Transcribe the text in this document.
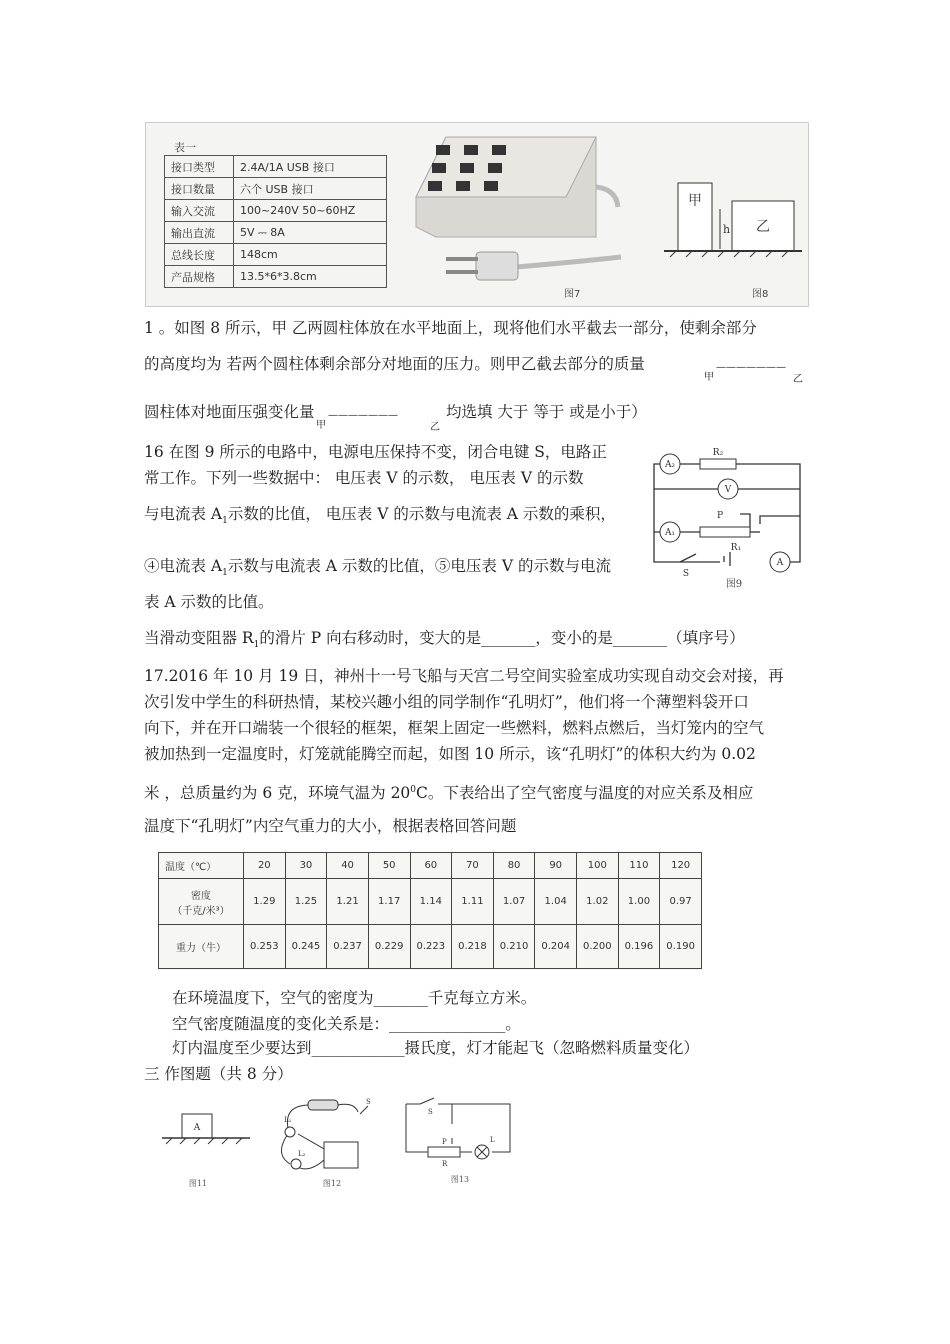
表一
接口类型	2.4A/1A USB 接口
接口数量	六个 USB 接口
输入交流	100~240V 50~60HZ
输出直流	5V ⎓ 8A
总线长度	148cm
产品规格	13.5*6*3.8cm
图7
甲
乙
h
图8
1 。如图 8 所示，甲 乙两圆柱体放在水平地面上，现将他们水平截去一部分，使剩余部分
的高度均为 若两个圆柱体剩余部分对地面的压力。则甲乙截去部分的质量
甲
———————
乙
圆柱体对地面压强变化量
甲
———————
乙
均选填 大于 等于 或是小于）
16 在图 9 所示的电路中，电源电压保持不变，闭合电键 S，电路正
常工作。下列一些数据中： 电压表 V 的示数， 电压表 V 的示数
与电流表 $A_1$示数的比值， 电压表 V 的示数与电流表 A 示数的乘积，
④电流表 $A_1$示数与电流表 A 示数的比值，⑤电压表 V 的示数与电流
表 A 示数的比值。
当滑动变阻器 $R_1$的滑片 P 向右移动时，变大的是_______，变小的是_______（填序号）
A₂
R₂
V
A₁
P
R₁
A
S
图9
17.2016 年 10 月 19 日，神州十一号飞船与天宫二号空间实验室成功实现自动交会对接，再
次引发中学生的科研热情，某校兴趣小组的同学制作“孔明灯”，他们将一个薄塑料袋开口
向下，并在开口端装一个很轻的框架，框架上固定一些燃料，燃料点燃后，当灯笼内的空气
被加热到一定温度时，灯笼就能腾空而起，如图 10 所示，该“孔明灯”的体积大约为 0.02
米 ，总质量约为 6 克，环境气温为 $20^0C$。下表给出了空气密度与温度的对应关系及相应
温度下“孔明灯”内空气重力的大小，根据表格回答问题
温度（℃）	20	30	40	50	60	70	80	90	100	110	120
密度
（千克/米³）	1.29	1.25	1.21	1.17	1.14	1.11	1.07	1.04	1.02	1.00	0.97
重力（牛）	0.253	0.245	0.237	0.229	0.223	0.218	0.210	0.204	0.200	0.196	0.190
在环境温度下，空气的密度为_______千克每立方米。
空气密度随温度的变化关系是：_______________。
灯内温度至少要达到____________摄氏度，灯才能起飞（忽略燃料质量变化）
三 作图题（共 8 分）
A
图11
L₁
L₂
S
图12
S
P
R
L
图13
